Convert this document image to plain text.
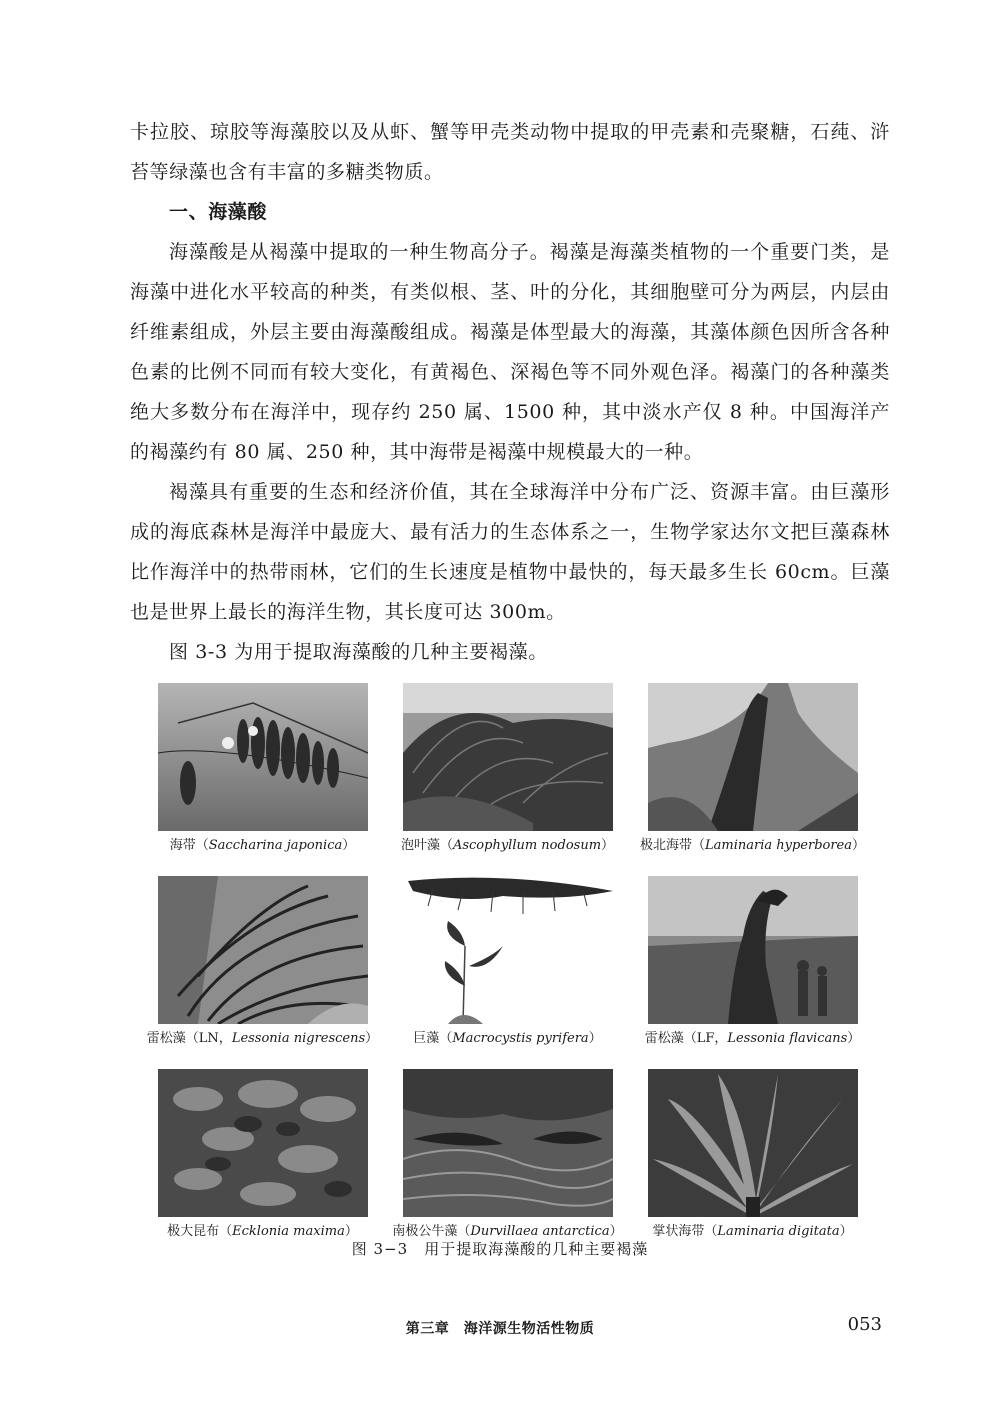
卡拉胶、琼胶等海藻胶以及从虾、蟹等甲壳类动物中提取的甲壳素和壳聚糖，石莼、浒苔等绿藻也含有丰富的多糖类物质。

一、海藻酸

海藻酸是从褐藻中提取的一种生物高分子。褐藻是海藻类植物的一个重要门类，是海藻中进化水平较高的种类，有类似根、茎、叶的分化，其细胞壁可分为两层，内层由纤维素组成，外层主要由海藻酸组成。褐藻是体型最大的海藻，其藻体颜色因所含各种色素的比例不同而有较大变化，有黄褐色、深褐色等不同外观色泽。褐藻门的各种藻类绝大多数分布在海洋中，现存约 250 属、1500 种，其中淡水产仅 8 种。中国海洋产的褐藻约有 80 属、250 种，其中海带是褐藻中规模最大的一种。

褐藻具有重要的生态和经济价值，其在全球海洋中分布广泛、资源丰富。由巨藻形成的海底森林是海洋中最庞大、最有活力的生态体系之一，生物学家达尔文把巨藻森林比作海洋中的热带雨林，它们的生长速度是植物中最快的，每天最多生长 60cm。巨藻也是世界上最长的海洋生物，其长度可达 300m。

图 3-3 为用于提取海藻酸的几种主要褐藻。

海带（Saccharina japonica）	泡叶藻（Ascophyllum nodosum） 极北海带（Laminaria hyperborea）
雷松藻（LN，Lessonia nigrescens）	巨藻（Macrocystis pyrifera）	雷松藻（LF，Lessonia flavicans）
极大昆布（Ecklonia maxima）	南极公牛藻（Durvillaea antarctica） 掌状海带（Laminaria digitata）
图 3−3　用于提取海藻酸的几种主要褐藻
第三章　海洋源生物活性物质	053
